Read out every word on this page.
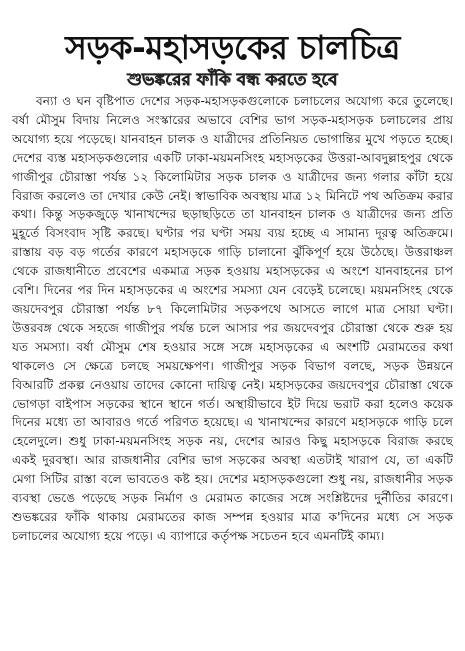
সড়ক-মহাসড়কের চালচিত্র
শুভঙ্করের ফাঁকি বন্ধ করতে হবে

বন্যা ও ঘন বৃষ্টিপাত দেশের সড়ক-মহাসড়কগুলোকে চলাচলের অযোগ্য করে তুলেছে। বর্ষা মৌসুম বিদায় নিলেও সংস্কারের অভাবে বেশির ভাগ সড়ক-মহাসড়ক চলাচলের প্রায় অযোগ্য হয়ে পড়েছে। যানবাহন চালক ও যাত্রীদের প্রতিনিয়ত ভোগান্তির মুখে পড়তে হচ্ছে। দেশের ব্যস্ত মহাসড়কগুলোর একটি ঢাকা-ময়মনসিংহ মহাসড়কের উত্তরা-আবদুল্লাহপুর থেকে গাজীপুর চৌরাস্তা পর্যন্ত ১২ কিলোমিটার সড়ক চালক ও যাত্রীদের জন্য গলার কাঁটা হয়ে বিরাজ করলেও তা দেখার কেউ নেই। স্বাভাবিক অবস্থায় মাত্র ১২ মিনিটে পথ অতিক্রম করার কথা। কিন্তু সড়কজুড়ে খানাখন্দের ছড়াছড়িতে তা যানবাহন চালক ও যাত্রীদের জন্য প্রতি মুহূর্তে বিসংবাদ সৃষ্টি করছে। ঘণ্টার পর ঘণ্টা সময় ব্যয় হচ্ছে এ সামান্য দূরত্ব অতিক্রমে। রাস্তায় বড় বড় গর্তের কারণে মহাসড়কে গাড়ি চালানো ঝুঁকিপূর্ণ হয়ে উঠেছে। উত্তরাঞ্চল থেকে রাজধানীতে প্রবেশের একমাত্র সড়ক হওয়ায় মহাসড়কের এ অংশে যানবাহনের চাপ বেশি। দিনের পর দিন মহাসড়কের এ অংশের সমস্যা যেন বেড়েই চলেছে। ময়মনসিংহ থেকে জয়দেবপুর চৌরাস্তা পর্যন্ত ৮৭ কিলোমিটার সড়কপথে আসতে লাগে মাত্র সোয়া ঘণ্টা। উত্তরবঙ্গ থেকে সহজে গাজীপুর পর্যন্ত চলে আসার পর জয়দেবপুর চৌরাস্তা থেকে শুরু হয় যত সমস্যা। বর্ষা মৌসুম শেষ হওয়ার সঙ্গে সঙ্গে মহাসড়কের এ অংশটি মেরামতের কথা থাকলেও সে ক্ষেত্রে চলছে সময়ক্ষেপণ। গাজীপুর সড়ক বিভাগ বলছে, সড়ক উন্নয়নে বিআরটি প্রকল্প নেওয়ায় তাদের কোনো দায়িত্ব নেই। মহাসড়কের জয়দেবপুর চৌরাস্তা থেকে ভোগড়া বাইপাস সড়কের স্থানে স্থানে গর্ত। অস্থায়ীভাবে ইট দিয়ে ভরাট করা হলেও কয়েক দিনের মধ্যে তা আবারও গর্তে পরিণত হয়েছে। এ খানাখন্দের কারণে মহাসড়কে গাড়ি চলে হেলেদুলে। শুধু ঢাকা-ময়মনসিংহ সড়ক নয়, দেশের আরও কিছু মহাসড়কে বিরাজ করছে একই দুরবস্থা। আর রাজধানীর বেশির ভাগ সড়কের অবস্থা এতটাই খারাপ যে, তা একটি মেগা সিটির রাস্তা বলে ভাবতেও কষ্ট হয়। দেশের মহাসড়কগুলো শুধু নয়, রাজধানীর সড়ক ব্যবস্থা ভেঙে পড়েছে সড়ক নির্মাণ ও মেরামত কাজের সঙ্গে সংশ্লিষ্টদের দুর্নীতির কারণে। শুভঙ্করের ফাঁকি থাকায় মেরামতের কাজ সম্পন্ন হওয়ার মাত্র ক'দিনের মধ্যে সে সড়ক চলাচলের অযোগ্য হয়ে পড়ে। এ ব্যাপারে কর্তৃপক্ষ সচেতন হবে এমনটিই কাম্য।
